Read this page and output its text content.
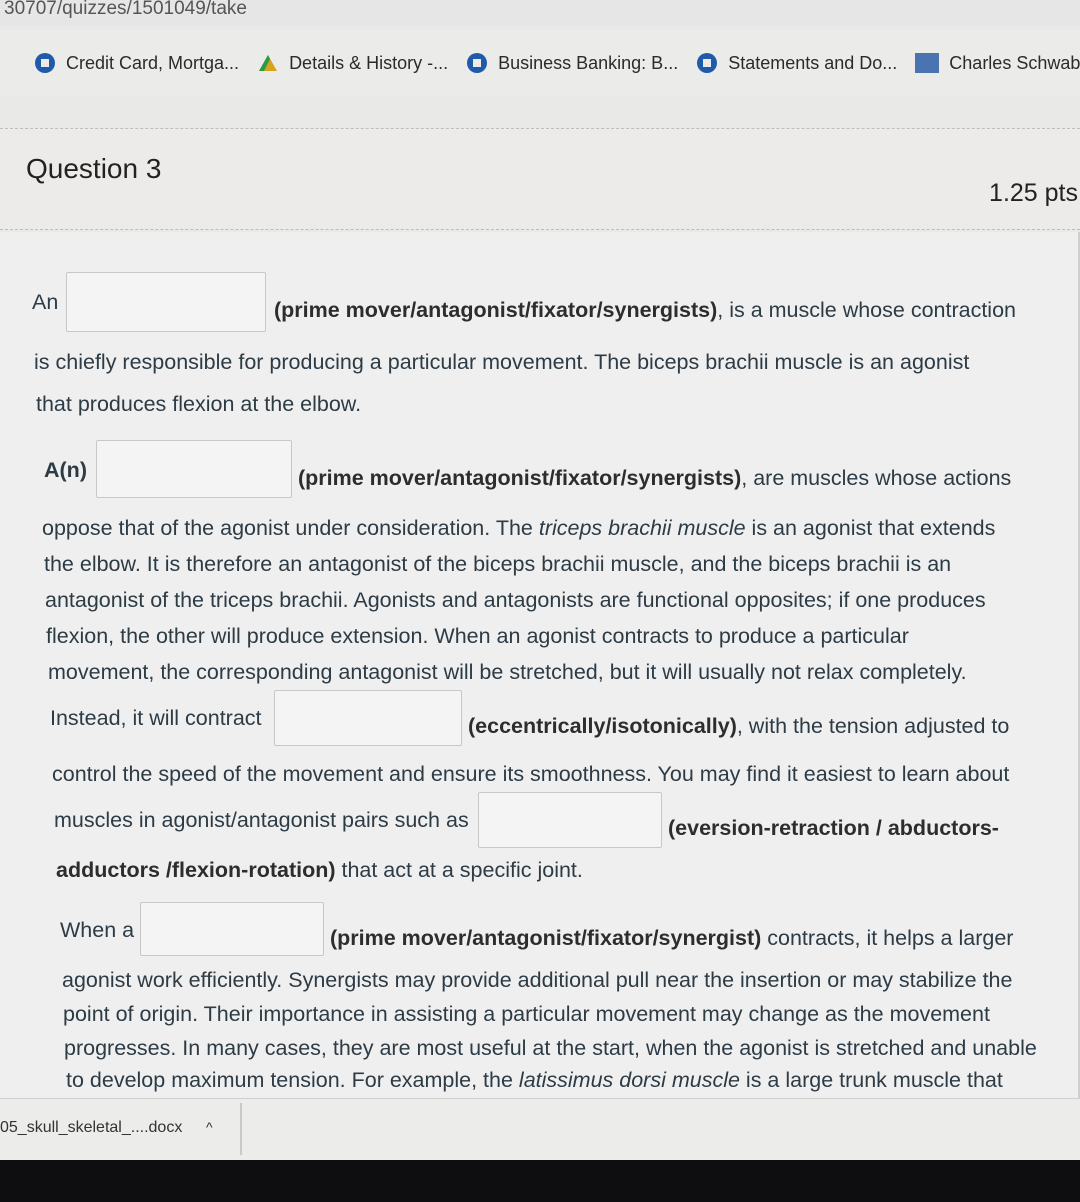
30707/quizzes/1501049/take
Credit Card, Mortga...	Details & History -...	Business Banking: B...	Statements and Do...	Charles Schwab
Question 3
1.25 pts
An	(prime mover/antagonist/fixator/synergists), is a muscle whose contraction
is chiefly responsible for producing a particular movement. The biceps brachii muscle is an agonist
that produces flexion at the elbow.
A(n)	(prime mover/antagonist/fixator/synergists), are muscles whose actions
oppose that of the agonist under consideration. The triceps brachii muscle is an agonist that extends
the elbow. It is therefore an antagonist of the biceps brachii muscle, and the biceps brachii is an
antagonist of the triceps brachii. Agonists and antagonists are functional opposites; if one produces
flexion, the other will produce extension. When an agonist contracts to produce a particular
movement, the corresponding antagonist will be stretched, but it will usually not relax completely.
Instead, it will contract	(eccentrically/isotonically), with the tension adjusted to
control the speed of the movement and ensure its smoothness. You may find it easiest to learn about
muscles in agonist/antagonist pairs such as	(eversion-retraction / abductors-
adductors /flexion-rotation) that act at a specific joint.
When a	(prime mover/antagonist/fixator/synergist) contracts, it helps a larger
agonist work efficiently. Synergists may provide additional pull near the insertion or may stabilize the
point of origin. Their importance in assisting a particular movement may change as the movement
progresses. In many cases, they are most useful at the start, when the agonist is stretched and unable
to develop maximum tension. For example, the latissimus dorsi muscle is a large trunk muscle that
05_skull_skeletal_....docx ^
